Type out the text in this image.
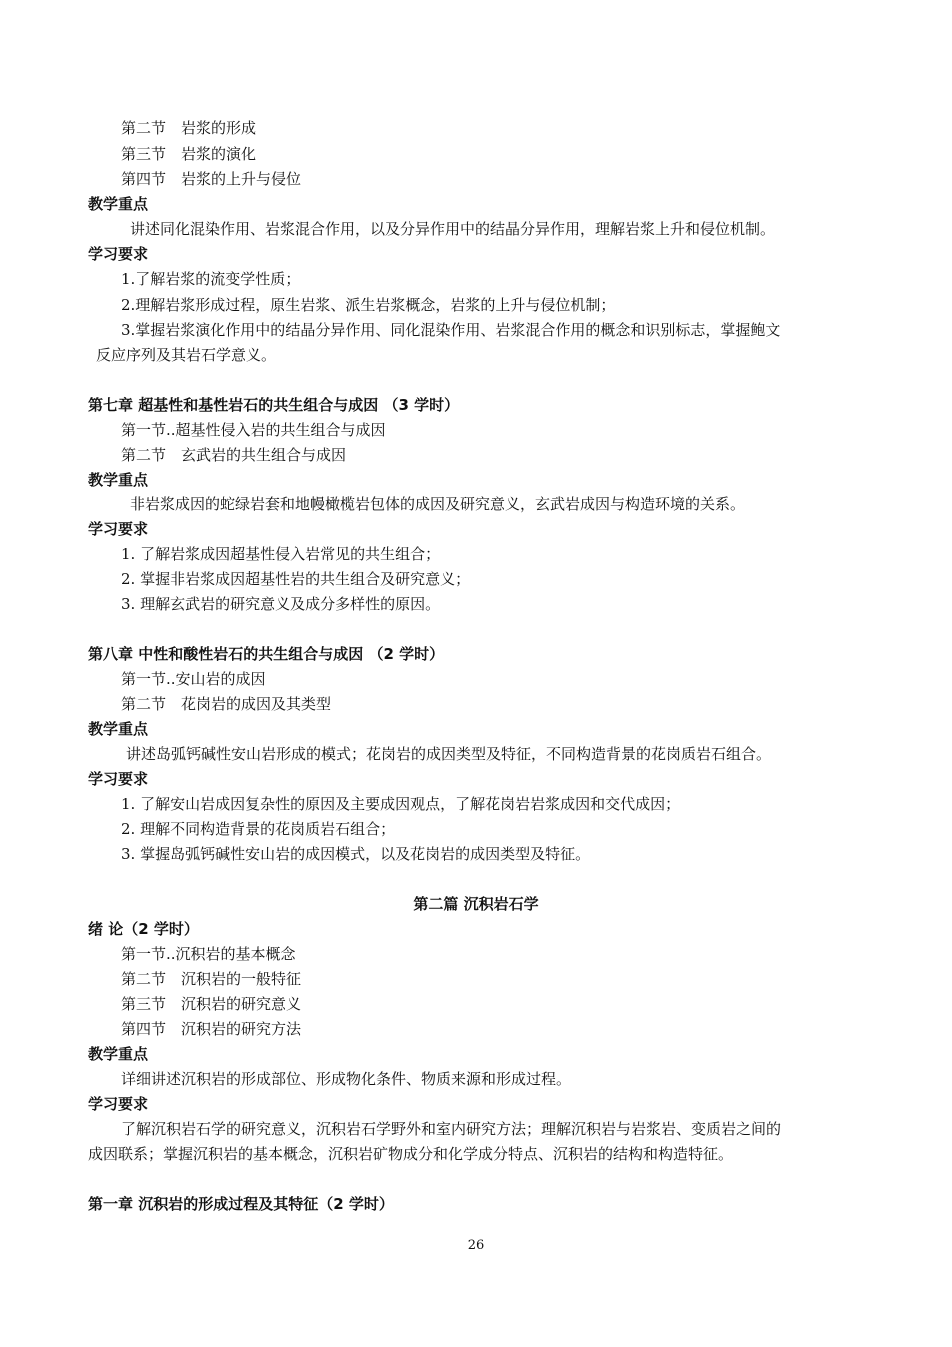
第二节　岩浆的形成
第三节　岩浆的演化
第四节　岩浆的上升与侵位
教学重点
讲述同化混染作用、岩浆混合作用，以及分异作用中的结晶分异作用，理解岩浆上升和侵位机制。
学习要求
1.了解岩浆的流变学性质；
2.理解岩浆形成过程，原生岩浆、派生岩浆概念，岩浆的上升与侵位机制；
3.掌握岩浆演化作用中的结晶分异作用、同化混染作用、岩浆混合作用的概念和识别标志，掌握鲍文
反应序列及其岩石学意义。
第七章 超基性和基性岩石的共生组合与成因 （3 学时）
第一节..超基性侵入岩的共生组合与成因
第二节　玄武岩的共生组合与成因
教学重点
非岩浆成因的蛇绿岩套和地幔橄榄岩包体的成因及研究意义，玄武岩成因与构造环境的关系。
学习要求
1. 了解岩浆成因超基性侵入岩常见的共生组合；
2. 掌握非岩浆成因超基性岩的共生组合及研究意义；
3. 理解玄武岩的研究意义及成分多样性的原因。
第八章 中性和酸性岩石的共生组合与成因 （2 学时）
第一节..安山岩的成因
第二节　花岗岩的成因及其类型
教学重点
讲述岛弧钙碱性安山岩形成的模式；花岗岩的成因类型及特征，不同构造背景的花岗质岩石组合。
学习要求
1. 了解安山岩成因复杂性的原因及主要成因观点，了解花岗岩岩浆成因和交代成因；
2. 理解不同构造背景的花岗质岩石组合；
3. 掌握岛弧钙碱性安山岩的成因模式，以及花岗岩的成因类型及特征。
第二篇 沉积岩石学
绪 论（2 学时）
第一节..沉积岩的基本概念
第二节　沉积岩的一般特征
第三节　沉积岩的研究意义
第四节　沉积岩的研究方法
教学重点
详细讲述沉积岩的形成部位、形成物化条件、物质来源和形成过程。
学习要求
了解沉积岩石学的研究意义，沉积岩石学野外和室内研究方法；理解沉积岩与岩浆岩、变质岩之间的
成因联系；掌握沉积岩的基本概念，沉积岩矿物成分和化学成分特点、沉积岩的结构和构造特征。
第一章 沉积岩的形成过程及其特征（2 学时）
26
